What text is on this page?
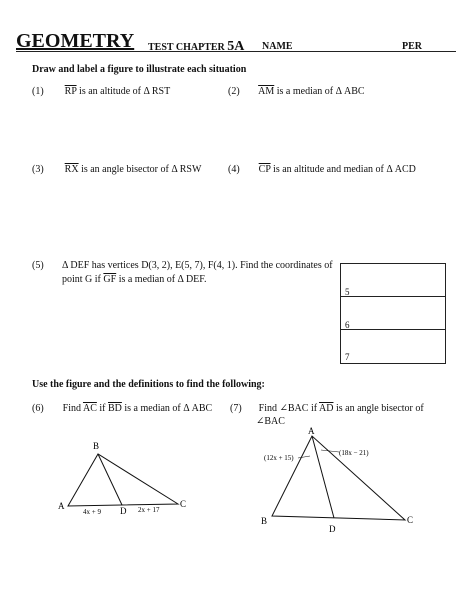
GEOMETRY TEST CHAPTER 5A NAME	PER
Draw and label a figure to illustrate each situation
(1) $\overline{RP}$ is an altitude of Δ RST	(2) $\overline{AM}$ is a median of Δ ABC
(3) $\overline{RX}$ is an angle bisector of Δ RSW	(4) $\overline{CP}$ is an altitude and median of Δ ACD
(5) Δ DEF has vertices D(3, 2), E(5, 7), F(4, 1). Find the coordinates of
point G if $\overline{GF}$ is a median of Δ DEF.
5
6
7
Use the figure and the definitions to find the following:
(6) Find $\overline{AC}$ if $\overline{BD}$ is a median of Δ ABC (7) Find ∠BAC if $\overline{AD}$ is an angle bisector of
∠BAC
B
A	C
D
4x + 9	2x + 17
A
B	C
D
(12x + 15)
(18x − 21)
